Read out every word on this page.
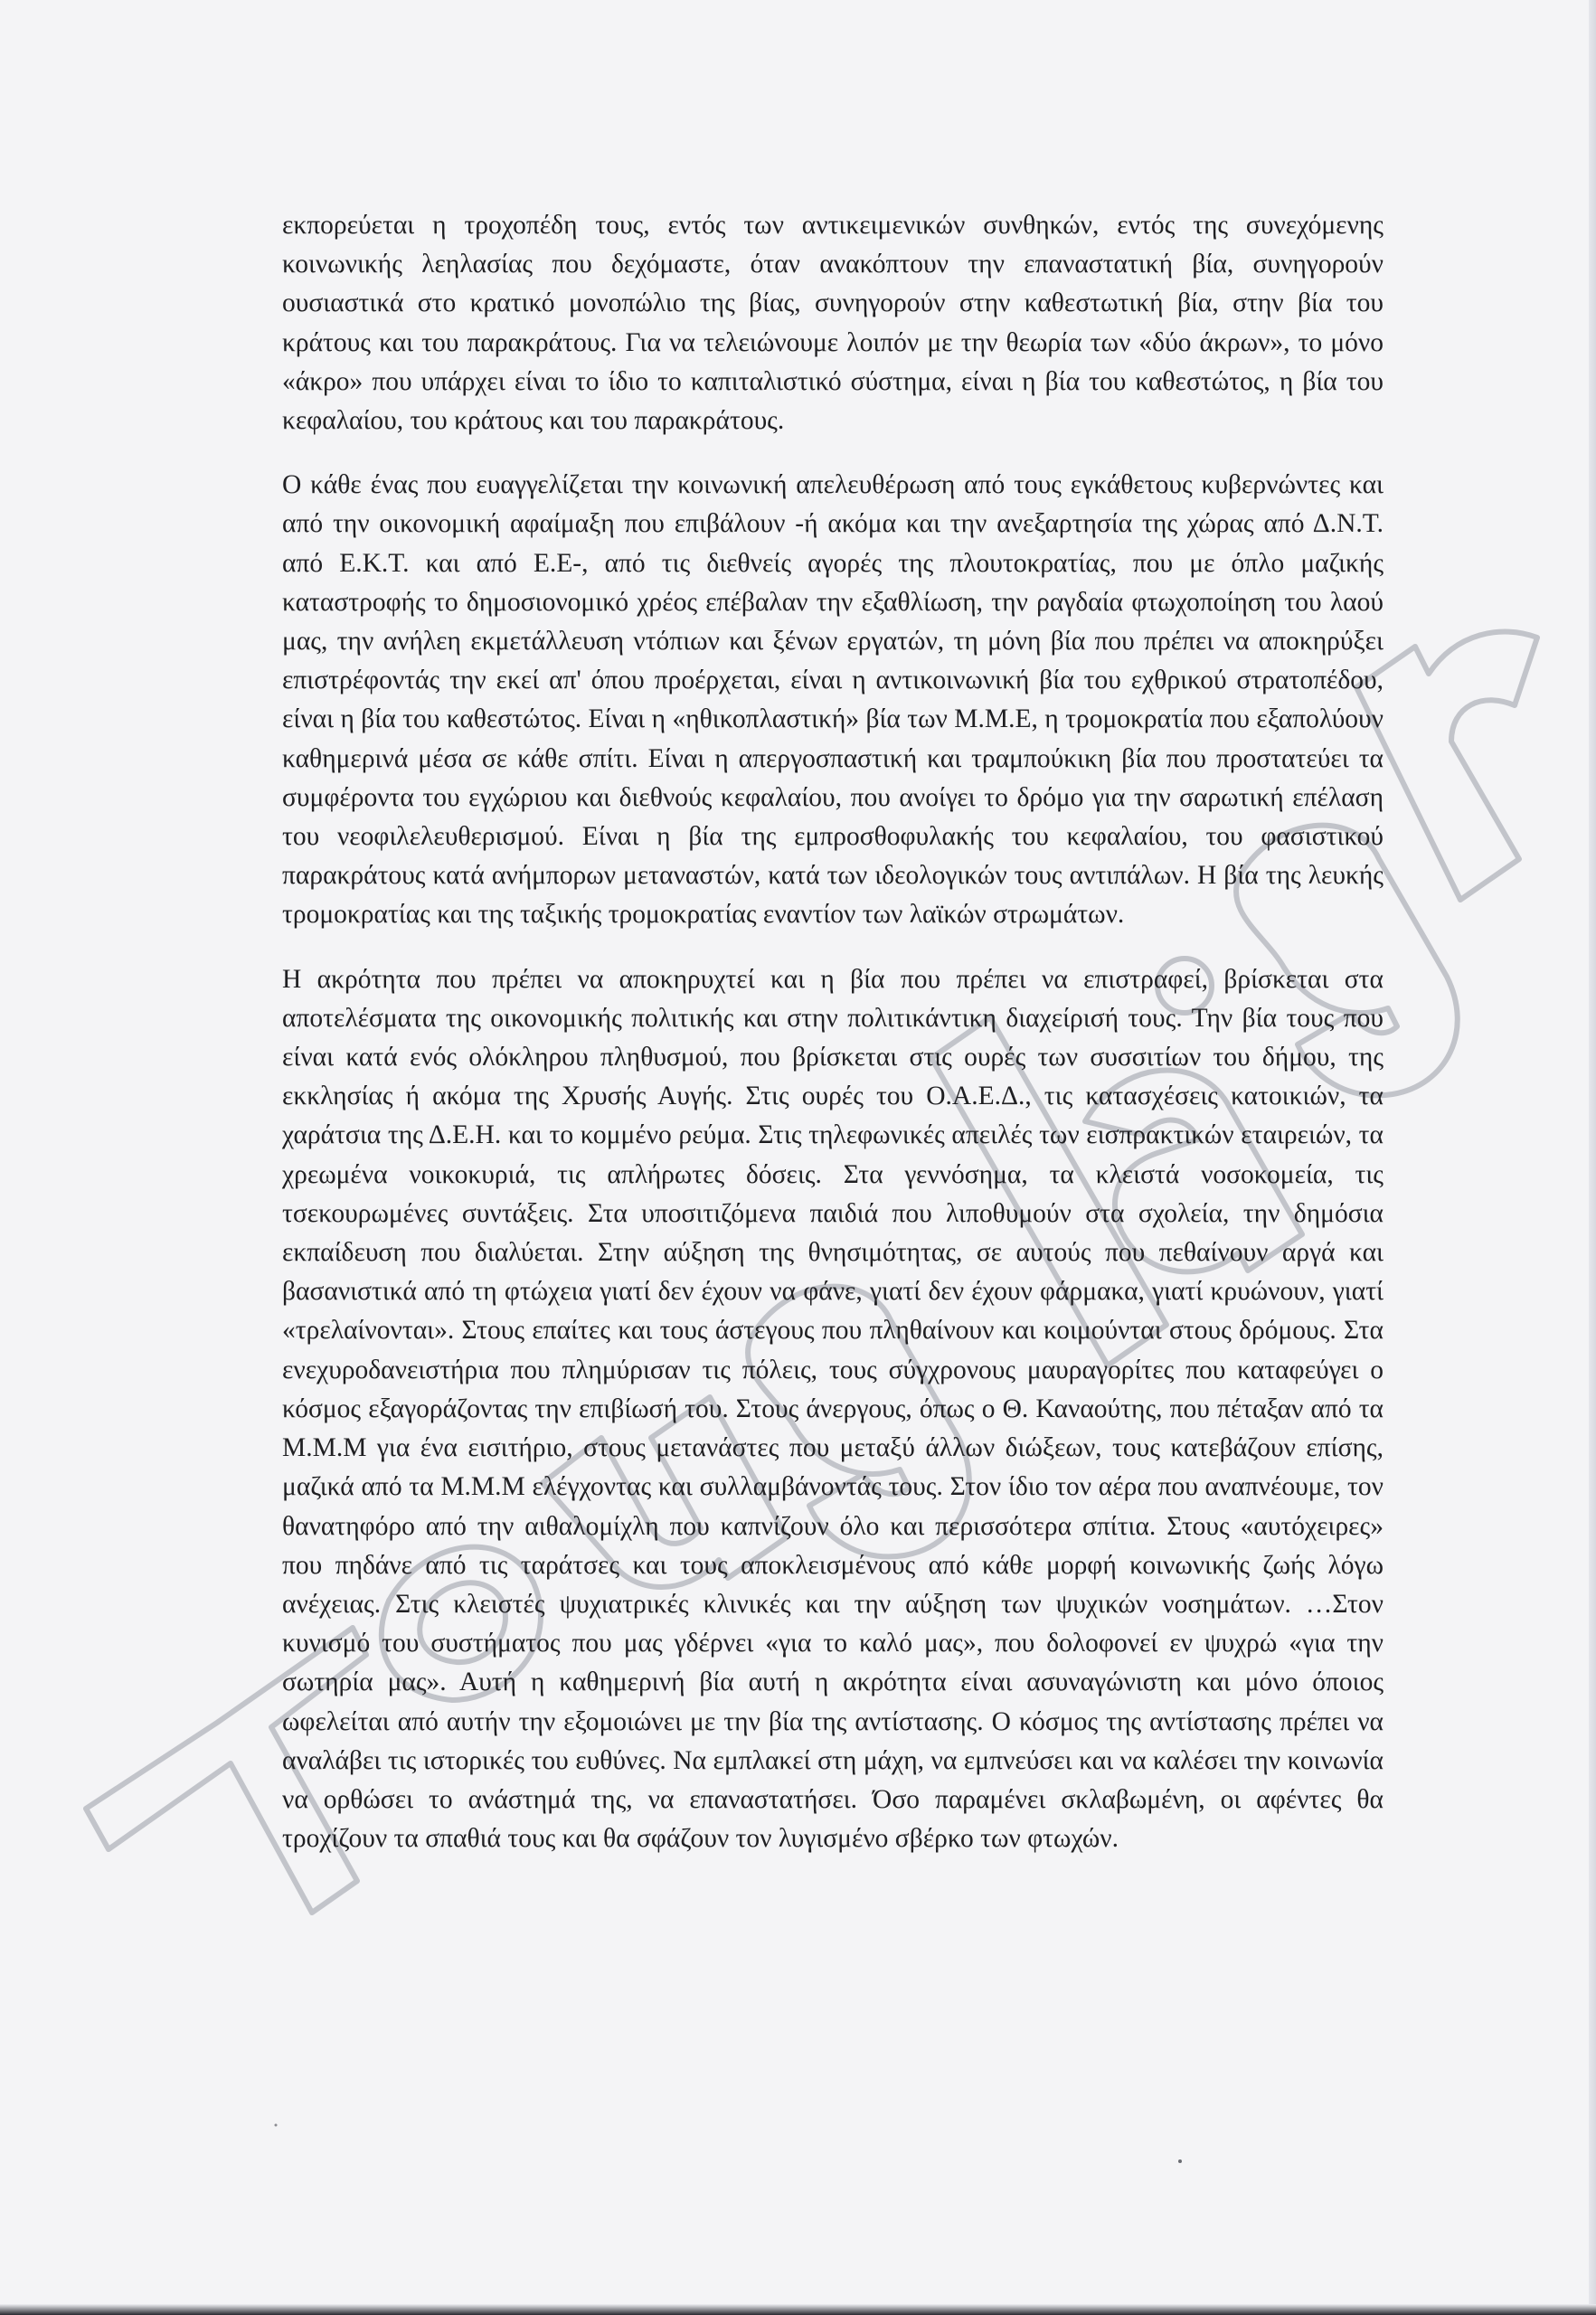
εκπορεύεται η τροχοπέδη τους, εντός των αντικειμενικών συνθηκών, εντός της συνεχόμενης κοινωνικής λεηλασίας που δεχόμαστε, όταν ανακόπτουν την επαναστατική βία, συνηγορούν ουσιαστικά στο κρατικό μονοπώλιο της βίας, συνηγορούν στην καθεστωτική βία, στην βία του κράτους και του παρακράτους. Για να τελειώνουμε λοιπόν με την θεωρία των «δύο άκρων», το μόνο «άκρο» που υπάρχει είναι το ίδιο το καπιταλιστικό σύστημα, είναι η βία του καθεστώτος, η βία του κεφαλαίου, του κράτους και του παρακράτους.

Ο κάθε ένας που ευαγγελίζεται την κοινωνική απελευθέρωση από τους εγκάθετους κυβερνώντες και από την οικονομική αφαίμαξη που επιβάλουν -ή ακόμα και την ανεξαρτησία της χώρας από Δ.Ν.Τ. από Ε.Κ.Τ. και από Ε.Ε-, από τις διεθνείς αγορές της πλουτοκρατίας, που με όπλο μαζικής καταστροφής το δημοσιονομικό χρέος επέβαλαν την εξαθλίωση, την ραγδαία φτωχοποίηση του λαού μας, την ανήλεη εκμετάλλευση ντόπιων και ξένων εργατών, τη μόνη βία που πρέπει να αποκηρύξει επιστρέφοντάς την εκεί απ' όπου προέρχεται, είναι η αντικοινωνική βία του εχθρικού στρατοπέδου, είναι η βία του καθεστώτος. Είναι η «ηθικοπλαστική» βία των Μ.Μ.Ε, η τρομοκρατία που εξαπολύουν καθημερινά μέσα σε κάθε σπίτι. Είναι η απεργοσπαστική και τραμπούκικη βία που προστατεύει τα συμφέροντα του εγχώριου και διεθνούς κεφαλαίου, που ανοίγει το δρόμο για την σαρωτική επέλαση του νεοφιλελευθερισμού. Είναι η βία της εμπροσθοφυλακής του κεφαλαίου, του φασιστικού παρακράτους κατά ανήμπορων μεταναστών, κατά των ιδεολογικών τους αντιπάλων. Η βία της λευκής τρομοκρατίας και της ταξικής τρομοκρατίας εναντίον των λαϊκών στρωμάτων.

Η ακρότητα που πρέπει να αποκηρυχτεί και η βία που πρέπει να επιστραφεί, βρίσκεται στα αποτελέσματα της οικονομικής πολιτικής και στην πολιτικάντικη διαχείρισή τους. Την βία τους που είναι κατά ενός ολόκληρου πληθυσμού, που βρίσκεται στις ουρές των συσσιτίων του δήμου, της εκκλησίας ή ακόμα της Χρυσής Αυγής. Στις ουρές του Ο.Α.Ε.Δ., τις κατασχέσεις κατοικιών, τα χαράτσια της Δ.Ε.Η. και το κομμένο ρεύμα. Στις τηλεφωνικές απειλές των εισπρακτικών εταιρειών, τα χρεωμένα νοικοκυριά, τις απλήρωτες δόσεις. Στα γεννόσημα, τα κλειστά νοσοκομεία, τις τσεκουρωμένες συντάξεις. Στα υποσιτιζόμενα παιδιά που λιποθυμούν στα σχολεία, την δημόσια εκπαίδευση που διαλύεται. Στην αύξηση της θνησιμότητας, σε αυτούς που πεθαίνουν αργά και βασανιστικά από τη φτώχεια γιατί δεν έχουν να φάνε, γιατί δεν έχουν φάρμακα, γιατί κρυώνουν, γιατί «τρελαίνονται». Στους επαίτες και τους άστεγους που πληθαίνουν και κοιμούνται στους δρόμους. Στα ενεχυροδανειστήρια που πλημύρισαν τις πόλεις, τους σύγχρονους μαυραγορίτες που καταφεύγει ο κόσμος εξαγοράζοντας την επιβίωσή του. Στους άνεργους, όπως ο Θ. Καναούτης, που πέταξαν από τα Μ.Μ.Μ για ένα εισιτήριο, στους μετανάστες που μεταξύ άλλων διώξεων, τους κατεβάζουν επίσης, μαζικά από τα Μ.Μ.Μ ελέγχοντας και συλλαμβάνοντάς τους. Στον ίδιο τον αέρα που αναπνέουμε, τον θανατηφόρο από την αιθαλομίχλη που καπνίζουν όλο και περισσότερα σπίτια. Στους «αυτόχειρες» που πηδάνε από τις ταράτσες και τους αποκλεισμένους από κάθε μορφή κοινωνικής ζωής λόγω ανέχειας. Στις κλειστές ψυχιατρικές κλινικές και την αύξηση των ψυχικών νοσημάτων. …Στον κυνισμό του συστήματος που μας γδέρνει «για το καλό μας», που δολοφονεί εν ψυχρώ «για την σωτηρία μας». Αυτή η καθημερινή βία αυτή η ακρότητα είναι ασυναγώνιστη και μόνο όποιος ωφελείται από αυτήν την εξομοιώνει με την βία της αντίστασης. Ο κόσμος της αντίστασης πρέπει να αναλάβει τις ιστορικές του ευθύνες. Να εμπλακεί στη μάχη, να εμπνεύσει και να καλέσει την κοινωνία να ορθώσει το ανάστημά της, να επαναστατήσει. Όσο παραμένει σκλαβωμένη, οι αφέντες θα τροχίζουν τα σπαθιά τους και θα σφάζουν τον λυγισμένο σβέρκο των φτωχών.
